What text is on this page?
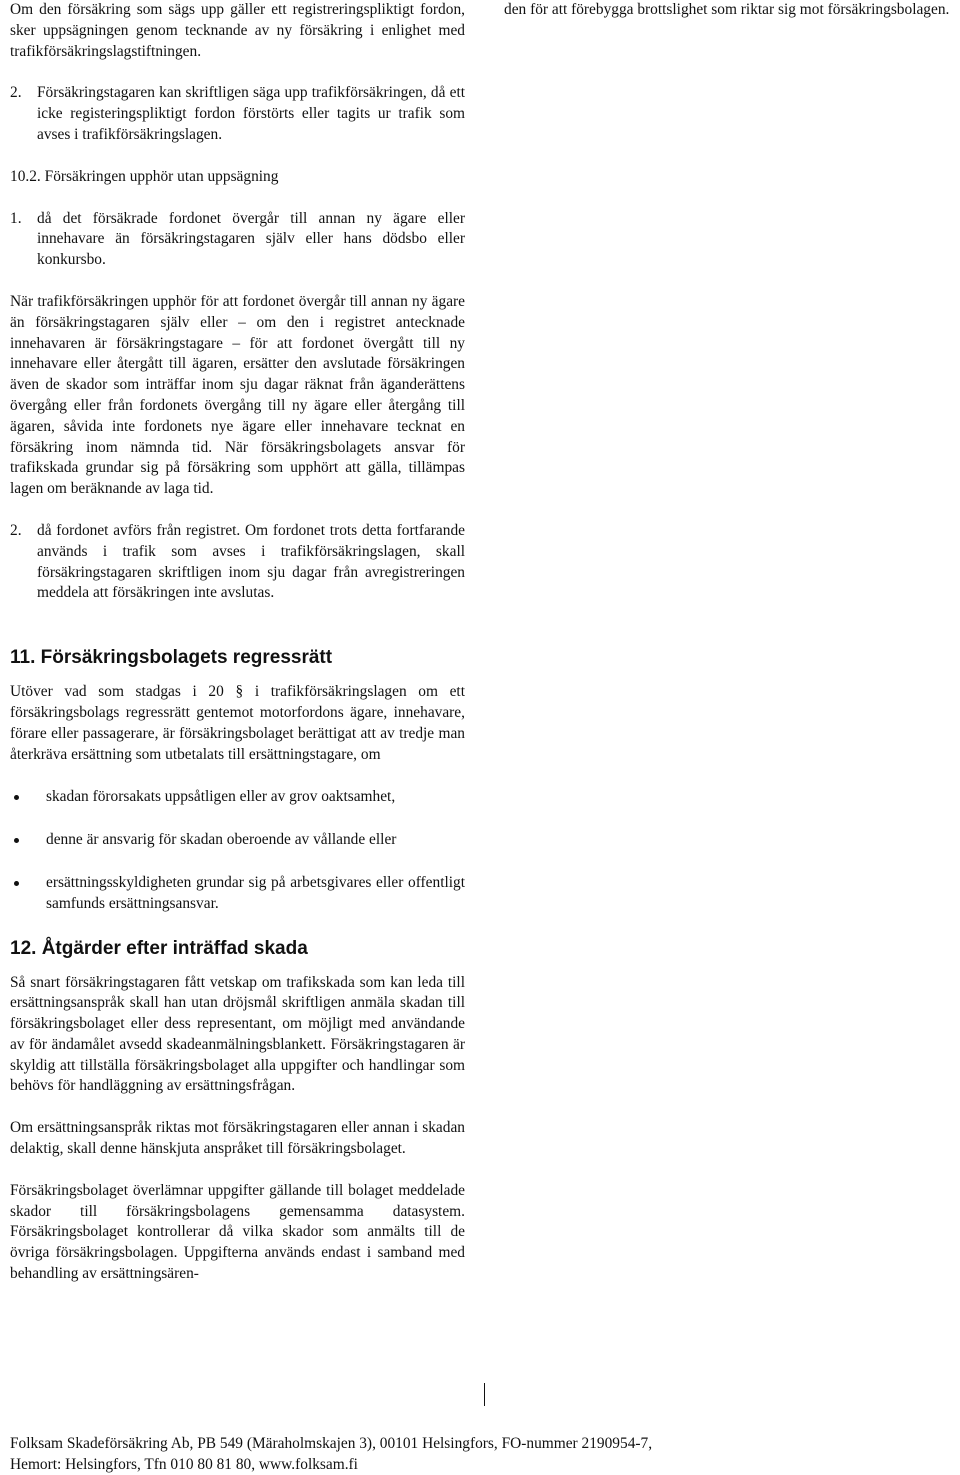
Om den försäkring som sägs upp gäller ett registreringspliktigt fordon, sker uppsägningen genom tecknande av ny försäkring i enlighet med trafikförsäkringslagstiftningen.

2. Försäkringstagaren kan skriftligen säga upp trafikförsäkringen, då ett icke registeringspliktigt fordon förstörts eller tagits ur trafik som avses i trafikförsäkringslagen.
10.2. Försäkringen upphör utan uppsägning
1. då det försäkrade fordonet övergår till annan ny ägare eller innehavare än försäkringstagaren själv eller hans dödsbo eller konkursbo.

När trafikförsäkringen upphör för att fordonet övergår till annan ny ägare än försäkringstagaren själv eller – om den i registret antecknade innehavaren är försäkringstagare – för att fordonet övergått till ny innehavare eller återgått till ägaren, ersätter den avslutade försäkringen även de skador som inträffar inom sju dagar räknat från äganderättens övergång eller från fordonets övergång till ny ägare eller återgång till ägaren, såvida inte fordonets nye ägare eller innehavare tecknat en försäkring inom nämnda tid. När försäkringsbolagets ansvar för trafikskada grundar sig på försäkring som upphört att gälla, tillämpas lagen om beräknande av laga tid.

2. då fordonet avförs från registret. Om fordonet trots detta fortfarande används i trafik som avses i trafikförsäkringslagen, skall försäkringstagaren skriftligen inom sju dagar från avregistreringen meddela att försäkringen inte avslutas.
11. Försäkringsbolagets regressrätt

Utöver vad som stadgas i 20 § i trafikförsäkringslagen om ett försäkringsbolags regressrätt gentemot motorfordons ägare, innehavare, förare eller passagerare, är försäkringsbolaget berättigat att av tredje man återkräva ersättning som utbetalats till ersättningstagare, om

skadan förorsakats uppsåtligen eller av grov oaktsamhet,
denne är ansvarig för skadan oberoende av vållande eller
ersättningsskyldigheten grundar sig på arbetsgivares eller offentligt samfunds ersättningsansvar.
12. Åtgärder efter inträffad skada

Så snart försäkringstagaren fått vetskap om trafikskada som kan leda till ersättningsanspråk skall han utan dröjsmål skriftligen anmäla skadan till försäkringsbolaget eller dess representant, om möjligt med användande av för ändamålet avsedd skadeanmälningsblankett. Försäkringstagaren är skyldig att tillställa försäkringsbolaget alla uppgifter och handlingar som behövs för handläggning av ersättningsfrågan.

Om ersättningsanspråk riktas mot försäkringstagaren eller annan i skadan delaktig, skall denne hänskjuta anspråket till försäkringsbolaget.

Försäkringsbolaget överlämnar uppgifter gällande till bolaget meddelade skador till försäkringsbolagens gemensamma datasystem. Försäkringsbolaget kontrollerar då vilka skador som anmälts till de övriga försäkringsbolagen. Uppgifterna används endast i samband med behandling av ersättningsären-

den för att förebygga brottslighet som riktar sig mot försäkringsbolagen.

Folksam Skadeförsäkring Ab, PB 549 (Märaholmskajen 3), 00101 Helsingfors, FO-nummer 2190954-7,
Hemort: Helsingfors, Tfn 010 80 81 80, www.folksam.fi
